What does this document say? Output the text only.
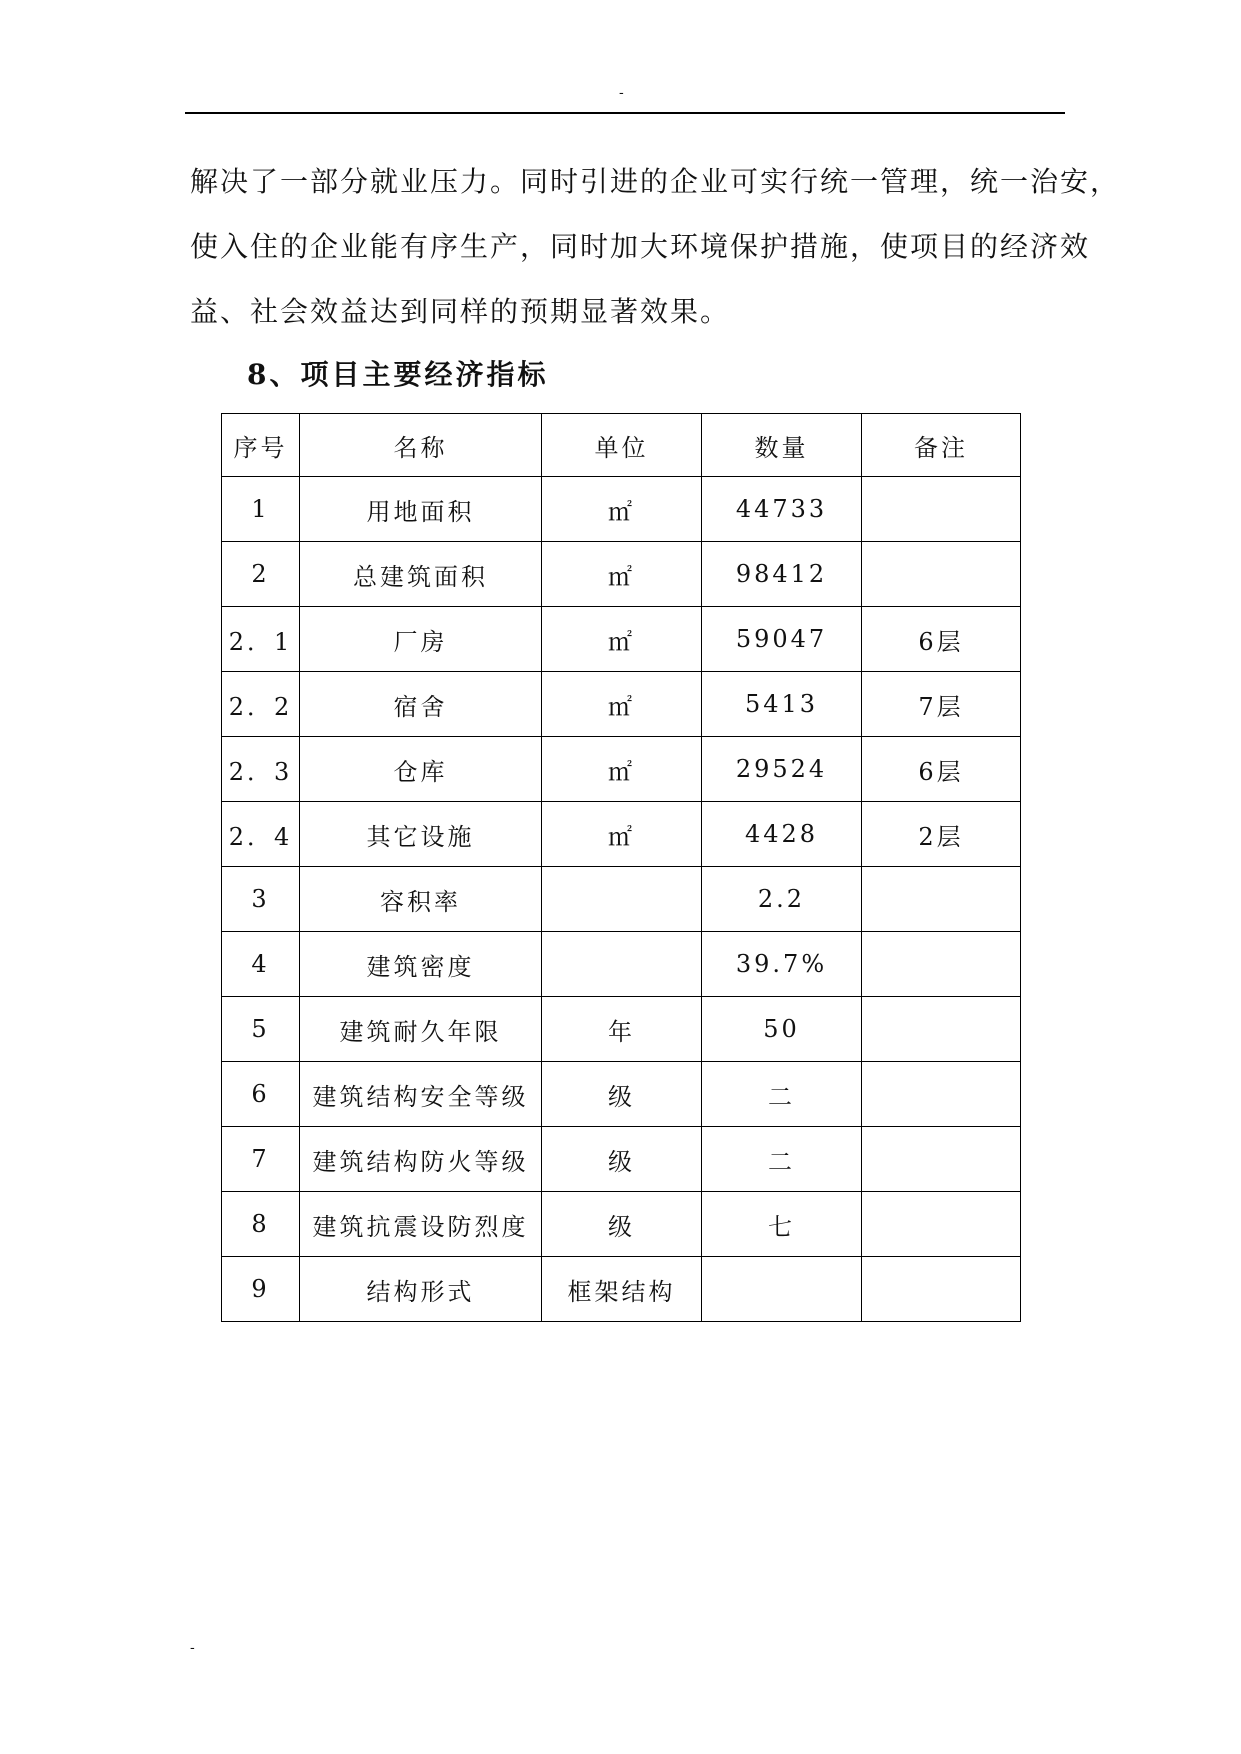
-
解决了一部分就业压力。同时引进的企业可实行统一管理，统一治安，
使入住的企业能有序生产，同时加大环境保护措施，使项目的经济效
益、社会效益达到同样的预期显著效果。
8、项目主要经济指标
序号	名称	单位	数量	备注
1	用地面积	㎡	44733	
2	总建筑面积	㎡	98412	
2．1	厂房	㎡	59047	6层
2．2	宿舍	㎡	5413	7层
2．3	仓库	㎡	29524	6层
2．4	其它设施	㎡	4428	2层
3	容积率		2.2	
4	建筑密度		39.7%	
5	建筑耐久年限	年	50	
6	建筑结构安全等级	级	二	
7	建筑结构防火等级	级	二	
8	建筑抗震设防烈度	级	七	
9	结构形式	框架结构		
-
